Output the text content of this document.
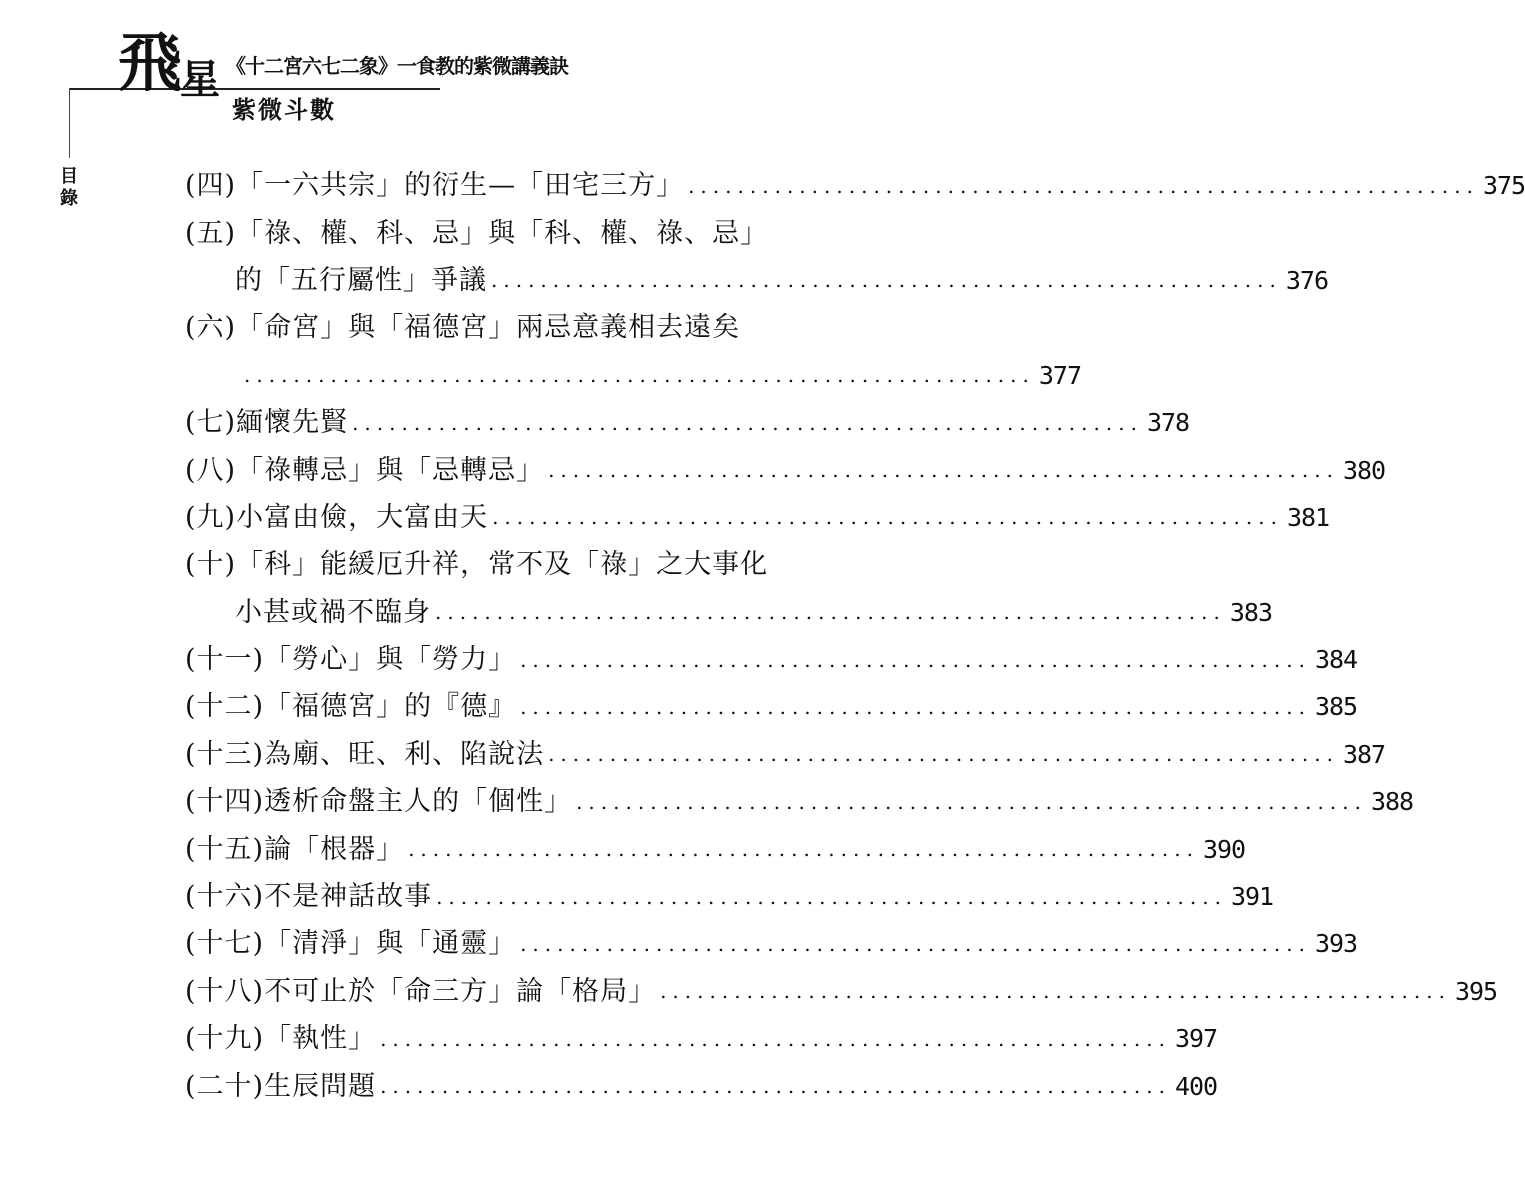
飛 星 《十二宮六七二象》一食教的紫微講義訣
紫微斗數
目
錄	(四)「一六共宗」的衍生—「田宅三方」 ................................................................ 375
(五)「祿、權、科、忌」與「科、權、祿、忌」
的「五行屬性」爭議 ................................................................ 376
(六)「命宮」與「福德宮」兩忌意義相去遠矣
................................................................ 377
(七)緬懷先賢 ................................................................ 378
(八)「祿轉忌」與「忌轉忌」 ................................................................ 380
(九)小富由儉，大富由天 ................................................................ 381
(十)「科」能緩厄升祥，常不及「祿」之大事化
小甚或禍不臨身 ................................................................ 383
(十一)「勞心」與「勞力」 ................................................................ 384
(十二)「福德宮」的『德』 ................................................................ 385
(十三)為廟、旺、利、陷說法 ................................................................ 387
(十四)透析命盤主人的「個性」 ................................................................ 388
(十五)論「根器」 ................................................................ 390
(十六)不是神話故事 ................................................................ 391
(十七)「清淨」與「通靈」 ................................................................ 393
(十八)不可止於「命三方」論「格局」 ................................................................ 395
(十九)「執性」 ................................................................ 397
(二十)生辰問題 ................................................................ 400
